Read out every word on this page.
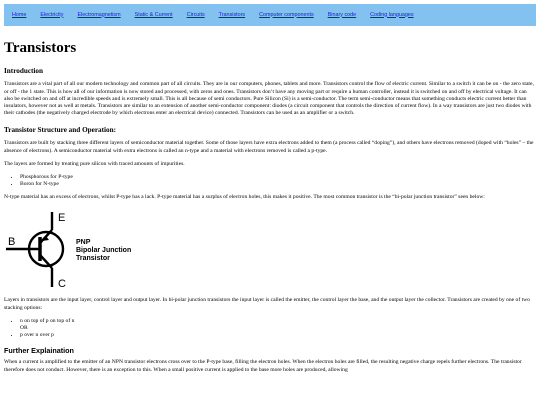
Home	Electricity	Electromagnetism	Static & Current	Circuits	Transistors	Computer components	Binary code	Coding languages
Transistors
Introduction

Transistors are a vital part of all our modern technology and common part of all circuits. They are in our computers, phones, tablets and more. Transistors control the flow of electric current. Similar to a switch it can be on - the zero state, or off - the 1 state. This is how all of our information is now stored and processed, with zeros and ones. Transistors don’t have any moving part or require a human controller, instead it is switched on and off by electrical voltage. It can also be switched on and off at incredible speeds and is extremely small. This is all because of semi conductors. Pure Silicon (Si) is a semi-conductor. The term semi-conductor means that something conducts electric current better than insulators, however not as well at metals. Transistors are similar to an extension of another semi-conductor component: diodes (a circuit component that controls the direction of current flow). In a way transistors are just two diodes with their cathodes (the negatively charged electrode by which electrons enter an electrical device) connected. Transistors can be used as an amplifier or a switch.

Transistor Structure and Operation:

Transistors are built by stacking three different layers of semiconductor material together. Some of those layers have extra electrons added to them (a process called “doping”), and others have electrons removed (doped with “holes” – the absence of electrons). A semiconductor material with extra electrons is called an n-type and a material with electrons removed is called a p-type.

The layers are formed by treating pure silicon with traced amounts of impurities.

• Phosphorous for P-type
• Boron for N-type

N-type material has an excess of electrons, whilst P-type has a lack. P-type material has a surplus of electron holes, this makes it positive. The most common transistor is the “bi-polar junction transistor” seen below:

E
B
C
PNP
Bipolar Junction
Transistor

Layers in transistors are the input layer, control layer and output layer. In bi-polar junction transistors the input layer is called the emitter, the control layer the base, and the output layer the collector. Transistors are created by one of two stacking options:

• n on top of p on top of n
OR
• p over n over p
Further Explaination

When a current is amplified to the emitter of an NPN transistor electrons cross over to the P-type base, filling the electron holes. When the electron holes are filled, the resulting negative charge repels further electrons. The transistor therefore does not conduct. However, there is an exception to this. When a small positive current is applied to the base more holes are produced, allowing
